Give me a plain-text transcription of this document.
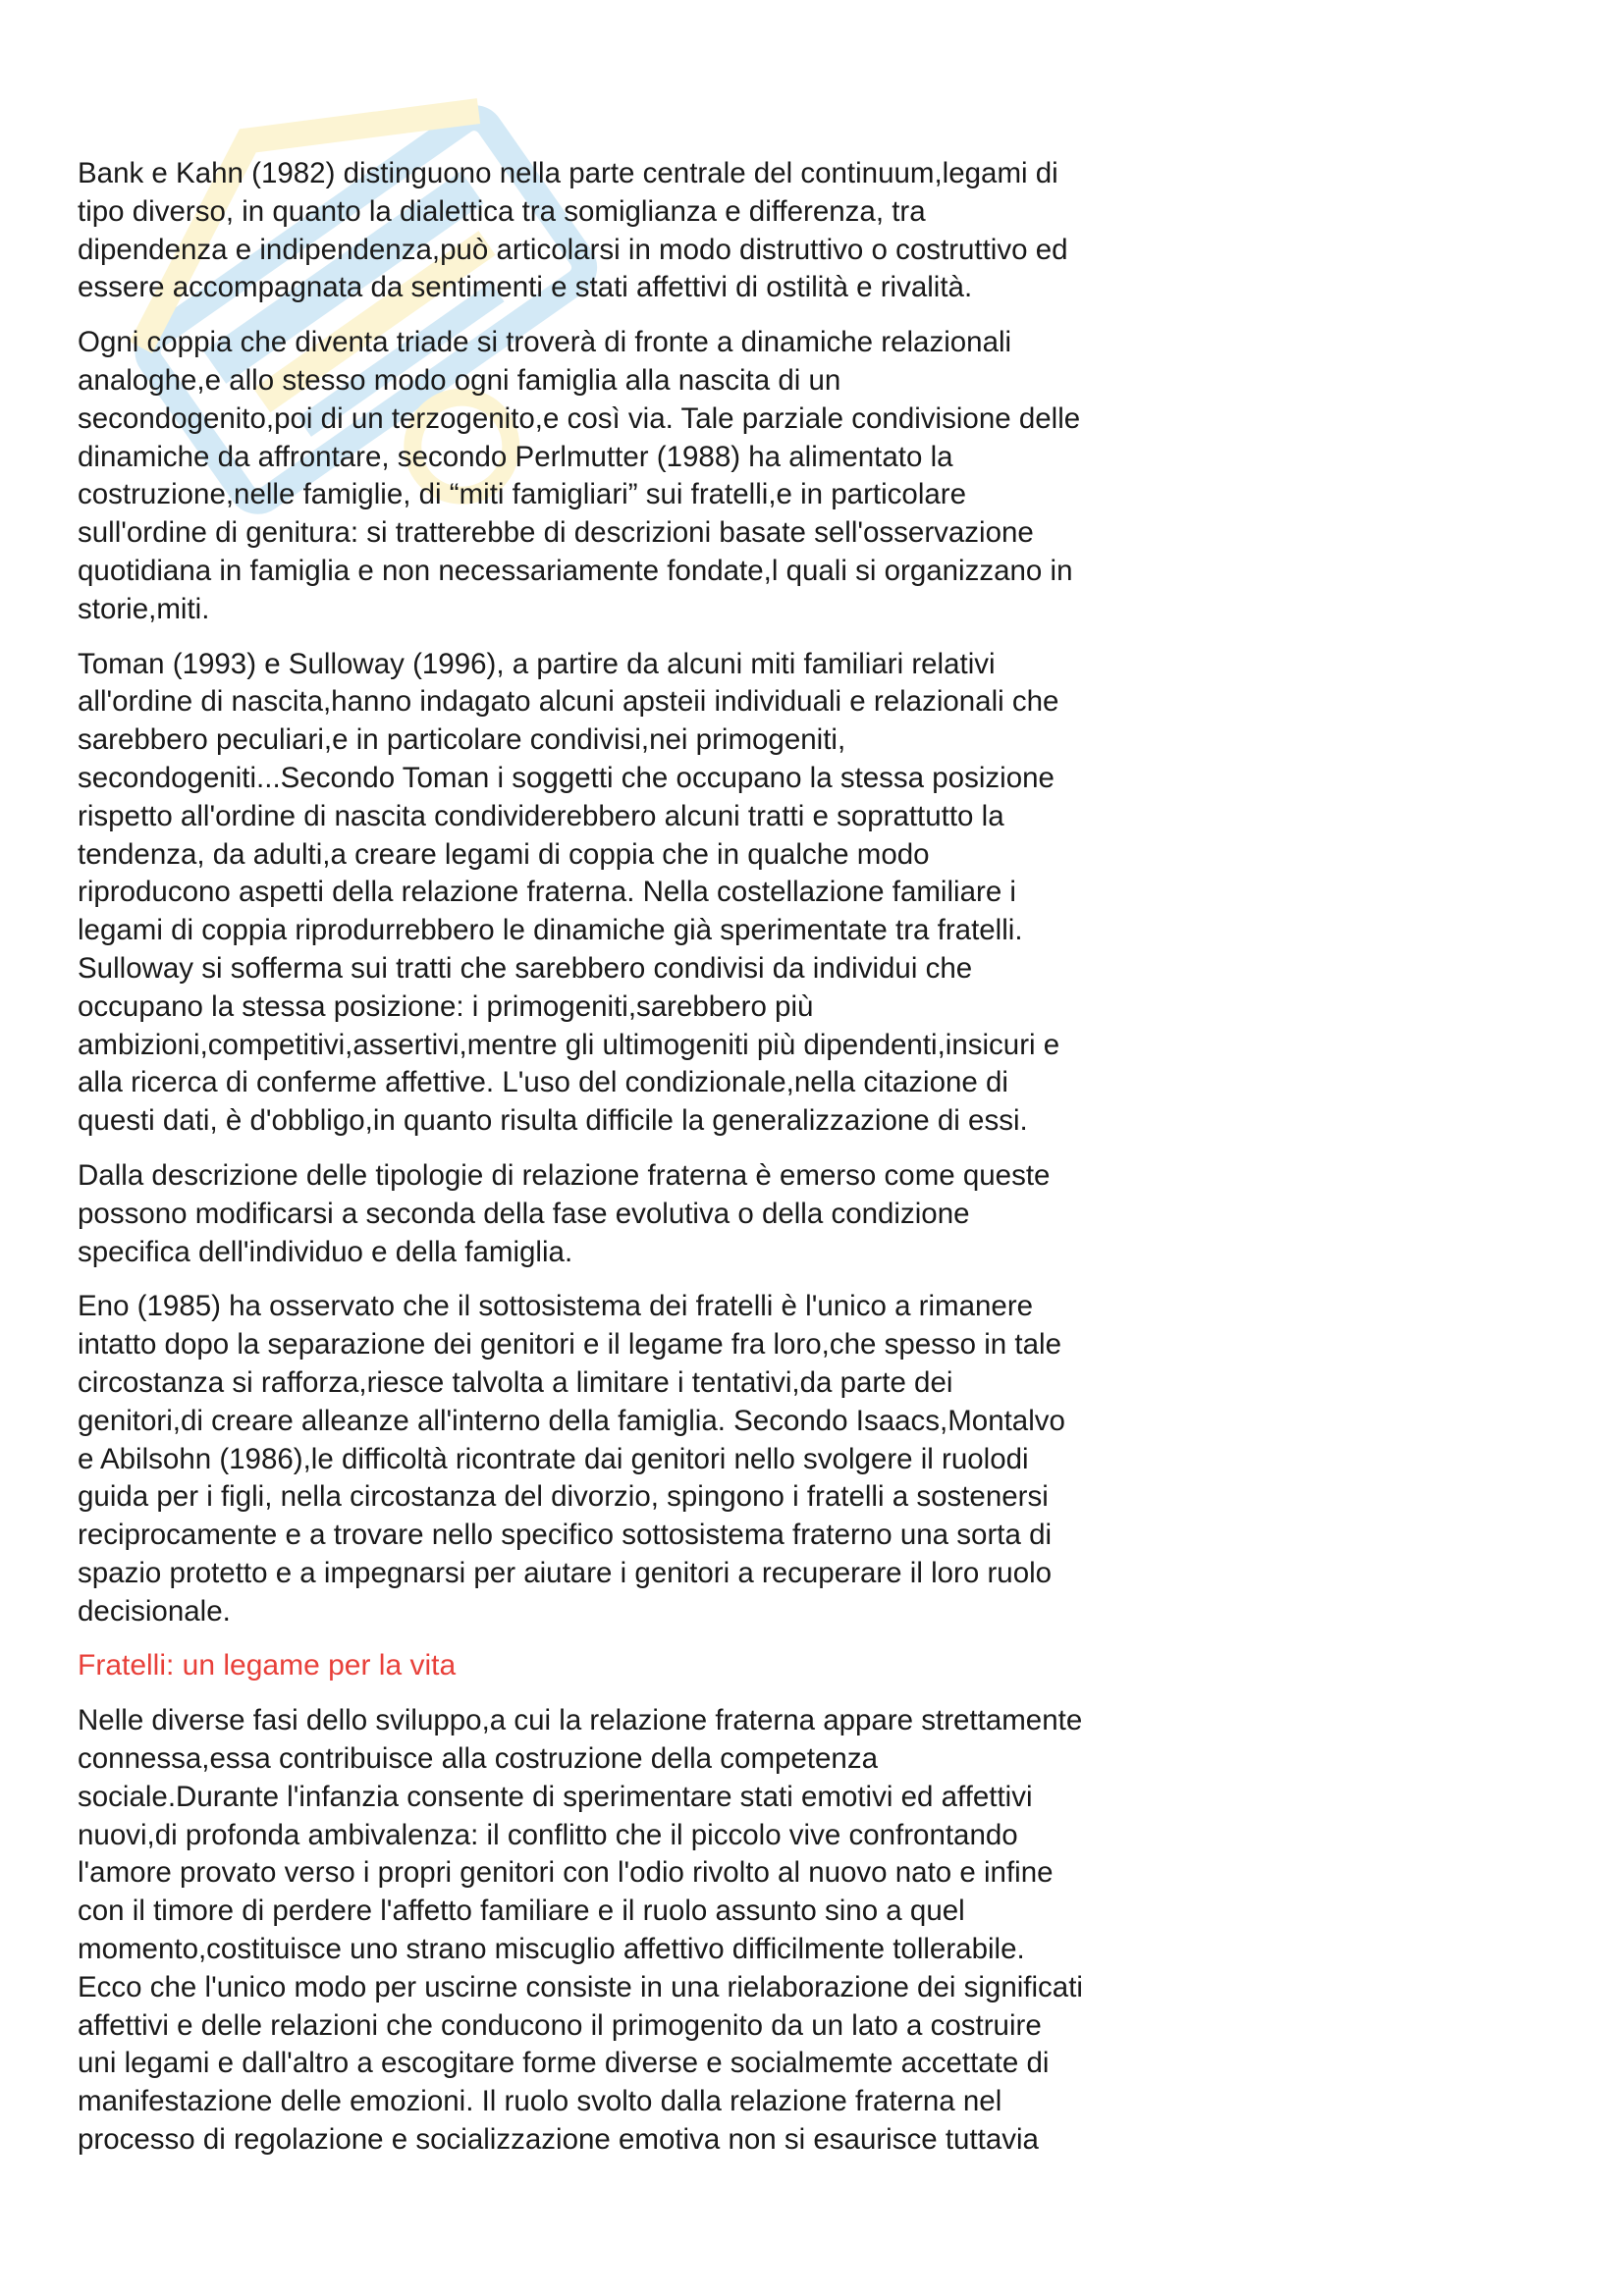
Bank e Kahn (1982) distinguono nella parte centrale del continuum,legami di
tipo diverso, in quanto la dialettica tra somiglianza e differenza, tra
dipendenza e indipendenza,può articolarsi in modo distruttivo o costruttivo ed
essere accompagnata da sentimenti e stati affettivi di ostilità e rivalità.

Ogni coppia che diventa triade si troverà di fronte a dinamiche relazionali
analoghe,e allo stesso modo ogni famiglia alla nascita di un
secondogenito,poi di un terzogenito,e così via. Tale parziale condivisione delle
dinamiche da affrontare, secondo Perlmutter (1988) ha alimentato la
costruzione,nelle famiglie, di “miti famigliari” sui fratelli,e in particolare
sull'ordine di genitura: si tratterebbe di descrizioni basate sell'osservazione
quotidiana in famiglia e non necessariamente fondate,l quali si organizzano in
storie,miti.

Toman (1993) e Sulloway (1996), a partire da alcuni miti familiari relativi
all'ordine di nascita,hanno indagato alcuni apsteii individuali e relazionali che
sarebbero peculiari,e in particolare condivisi,nei primogeniti,
secondogeniti...Secondo Toman i soggetti che occupano la stessa posizione
rispetto all'ordine di nascita condividerebbero alcuni tratti e soprattutto la
tendenza, da adulti,a creare legami di coppia che in qualche modo
riproducono aspetti della relazione fraterna. Nella costellazione familiare i
legami di coppia riprodurrebbero le dinamiche già sperimentate tra fratelli.
Sulloway si sofferma sui tratti che sarebbero condivisi da individui che
occupano la stessa posizione: i primogeniti,sarebbero più
ambizioni,competitivi,assertivi,mentre gli ultimogeniti più dipendenti,insicuri e
alla ricerca di conferme affettive. L'uso del condizionale,nella citazione di
questi dati, è d'obbligo,in quanto risulta difficile la generalizzazione di essi.

Dalla descrizione delle tipologie di relazione fraterna è emerso come queste
possono modificarsi a seconda della fase evolutiva o della condizione
specifica dell'individuo e della famiglia.

Eno (1985) ha osservato che il sottosistema dei fratelli è l'unico a rimanere
intatto dopo la separazione dei genitori e il legame fra loro,che spesso in tale
circostanza si rafforza,riesce talvolta a limitare i tentativi,da parte dei
genitori,di creare alleanze all'interno della famiglia. Secondo Isaacs,Montalvo
e Abilsohn (1986),le difficoltà ricontrate dai genitori nello svolgere il ruolodi
guida per i figli, nella circostanza del divorzio, spingono i fratelli a sostenersi
reciprocamente e a trovare nello specifico sottosistema fraterno una sorta di
spazio protetto e a impegnarsi per aiutare i genitori a recuperare il loro ruolo
decisionale.

Fratelli: un legame per la vita

Nelle diverse fasi dello sviluppo,a cui la relazione fraterna appare strettamente
connessa,essa contribuisce alla costruzione della competenza
sociale.Durante l'infanzia consente di sperimentare stati emotivi ed affettivi
nuovi,di profonda ambivalenza: il conflitto che il piccolo vive confrontando
l'amore provato verso i propri genitori con l'odio rivolto al nuovo nato e infine
con il timore di perdere l'affetto familiare e il ruolo assunto sino a quel
momento,costituisce uno strano miscuglio affettivo difficilmente tollerabile.
Ecco che l'unico modo per uscirne consiste in una rielaborazione dei significati
affettivi e delle relazioni che conducono il primogenito da un lato a costruire
uni legami e dall'altro a escogitare forme diverse e socialmemte accettate di
manifestazione delle emozioni. Il ruolo svolto dalla relazione fraterna nel
processo di regolazione e socializzazione emotiva non si esaurisce tuttavia
